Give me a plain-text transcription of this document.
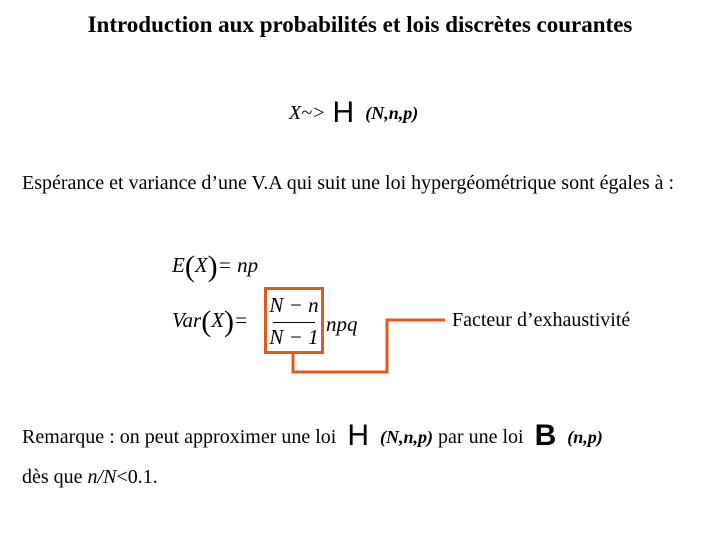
Introduction aux probabilités et lois discrètes courantes
X~> H (N,n,p)
Espérance et variance d’une V.A qui suit une loi hypergéométrique sont égales à :
E(X)= np
Var(X)=
N − n
N − 1
npq	Facteur d’exhaustivité
Remarque : on peut approximer une loi H (N,n,p) par une loi B (n,p)
dès que n/N<0.1.
